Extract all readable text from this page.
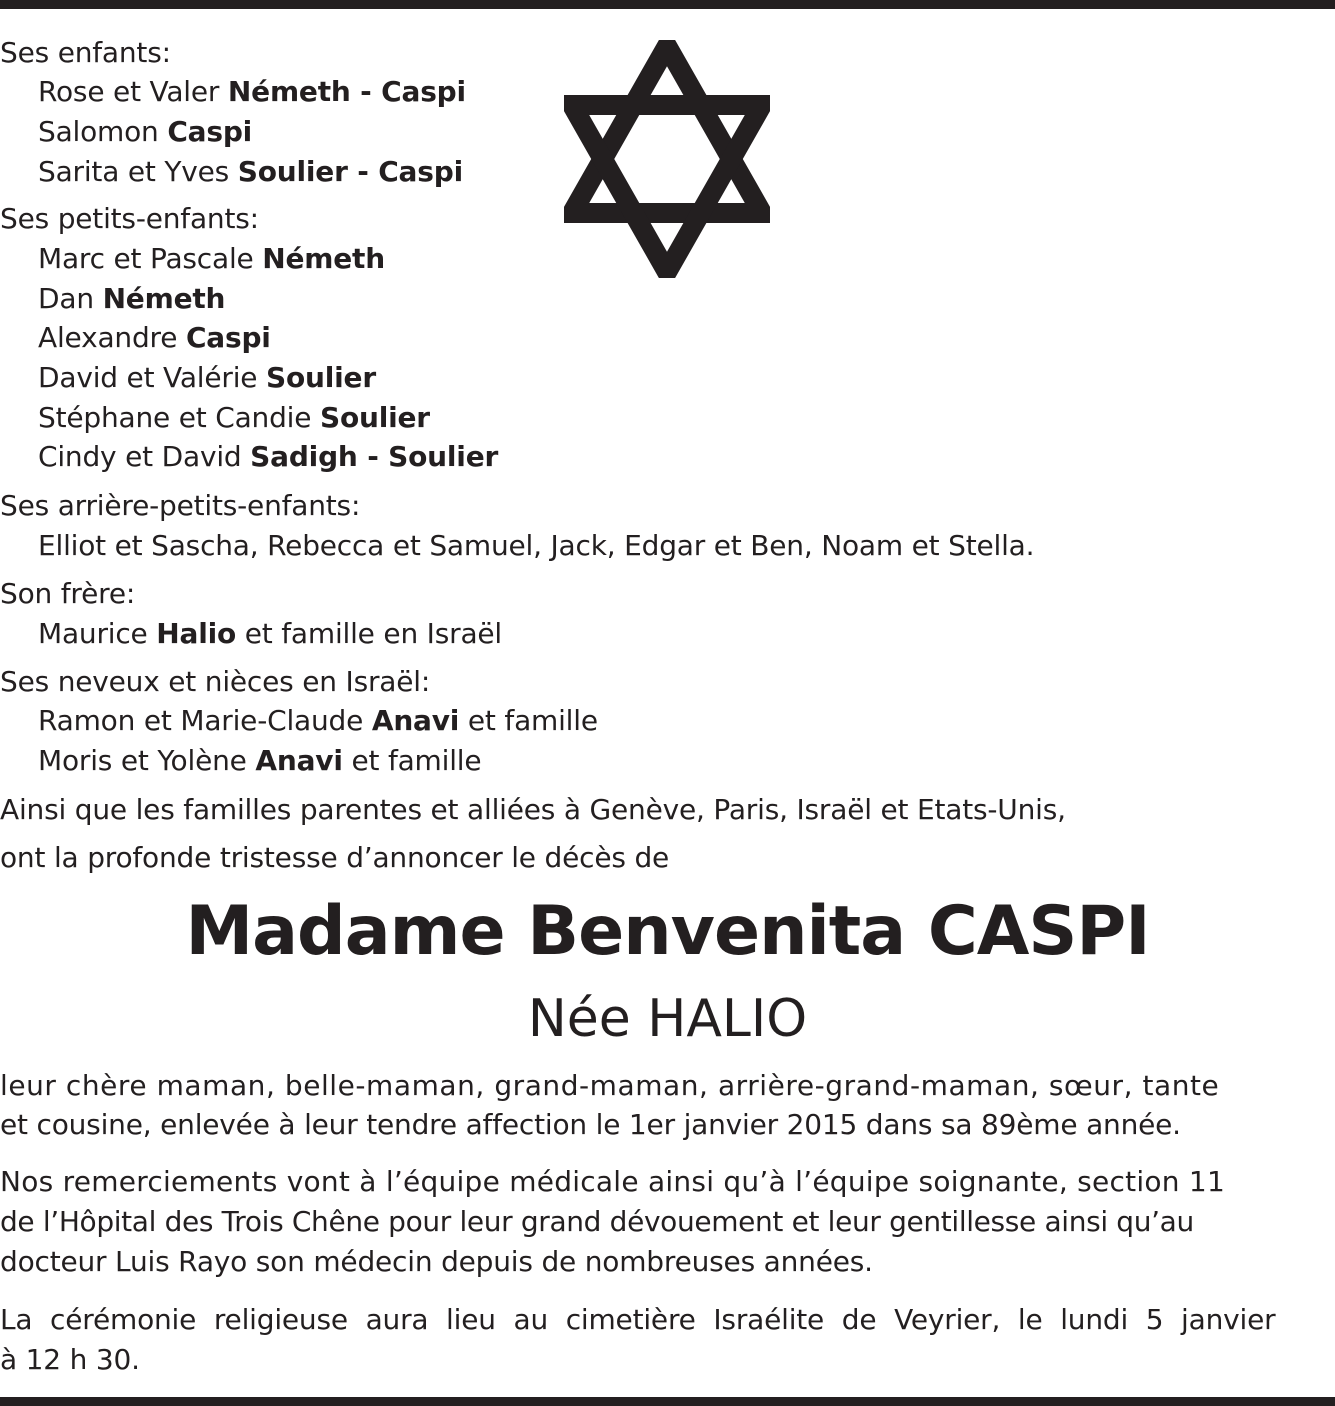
Ses enfants:
Rose et Valer Németh - Caspi
Salomon Caspi
Sarita et Yves Soulier - Caspi
Ses petits-enfants:
Marc et Pascale Németh
Dan Németh
Alexandre Caspi
David et Valérie Soulier
Stéphane et Candie Soulier
Cindy et David Sadigh - Soulier
Ses arrière-petits-enfants:
Elliot et Sascha, Rebecca et Samuel, Jack, Edgar et Ben, Noam et Stella.
Son frère:
Maurice Halio et famille en Israël
Ses neveux et nièces en Israël:
Ramon et Marie-Claude Anavi et famille
Moris et Yolène Anavi et famille
Ainsi que les familles parentes et alliées à Genève, Paris, Israël et Etats-Unis,
ont la profonde tristesse d’annoncer le décès de
Madame Benvenita CASPI
Née HALIO
leur chère maman, belle-maman, grand-maman, arrière-grand-maman, sœur, tante
et cousine, enlevée à leur tendre affection le 1er janvier 2015 dans sa 89ème année.
Nos remerciements vont à l’équipe médicale ainsi qu’à l’équipe soignante, section 11
de l’Hôpital des Trois Chêne pour leur grand dévouement et leur gentillesse ainsi qu’au
docteur Luis Rayo son médecin depuis de nombreuses années.
La cérémonie religieuse aura lieu au cimetière Israélite de Veyrier, le lundi 5 janvier
à 12 h 30.
